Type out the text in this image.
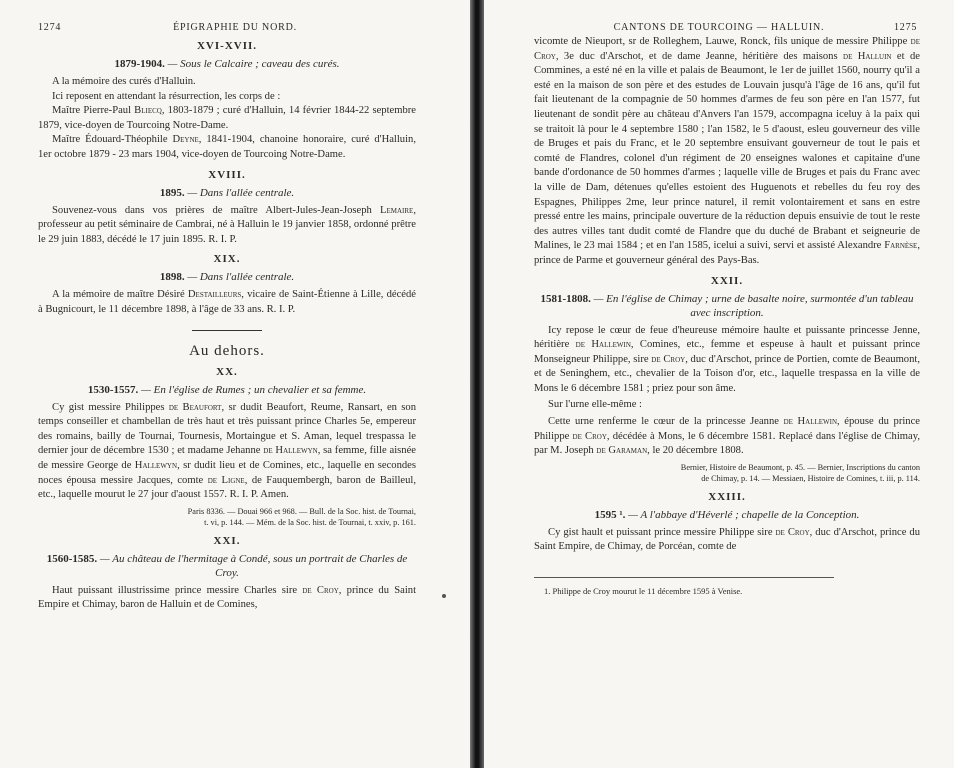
1274	ÉPIGRAPHIE DU NORD.
XVI-XVII.
1879-1904. — Sous le Calcaire ; caveau des curés.

A la mémoire des curés d'Halluin.

Ici reposent en attendant la résurrection, les corps de :

Maître Pierre-Paul Bliecq, 1803-1879 ; curé d'Halluin, 14 février 1844-22 septembre 1879, vice-doyen de Tourcoing Notre-Dame.

Maître Édouard-Théophile Deyne, 1841-1904, chanoine honoraire, curé d'Halluin, 1er octobre 1879 - 23 mars 1904, vice-doyen de Tourcoing Notre-Dame.

XVIII.
1895. — Dans l'allée centrale.

Souvenez-vous dans vos prières de maître Albert-Jules-Jean-Joseph Lemaire, professeur au petit séminaire de Cambrai, né à Halluin le 19 janvier 1858, ordonné prêtre le 29 juin 1883, décédé le 17 juin 1895. R. I. P.

XIX.
1898. — Dans l'allée centrale.

A la mémoire de maître Désiré Destailleurs, vicaire de Saint-Étienne à Lille, décédé à Bugnicourt, le 11 décembre 1898, à l'âge de 33 ans. R. I. P.

Au dehors.
XX.
1530-1557. — En l'église de Rumes ; un chevalier et sa femme.

Cy gist messire Philippes de Beaufort, sr dudit Beaufort, Reume, Ransart, en son temps conseiller et chambellan de très haut et très puissant prince Charles 5e, empereur des romains, bailly de Tournai, Tournesis, Mortaingue et S. Aman, lequel trespassa le dernier jour de décembre 1530 ; et madame Jehanne de Hallewyn, sa femme, fille aisnée de messire George de Hallewyn, sr dudit lieu et de Comines, etc., laquelle en secondes noces épousa messire Jacques, comte de Ligne, de Fauquembergh, baron de Bailleul, etc., laquelle mourut le 27 jour d'aoust 1557. R. I. P. Amen.

Paris 8336. — Douai 966 et 968. — Bull. de la Soc. hist. de Tournai,
t. vi, p. 144. — Mém. de la Soc. hist. de Tournai, t. xxiv, p. 161.
XXI.
1560-1585. — Au château de l'hermitage à Condé, sous un portrait de Charles de Croy.

Haut puissant illustrissime prince messire Charles sire de Croy, prince du Saint Empire et Chimay, baron de Halluin et de Comines,

CANTONS DE TOURCOING — HALLUIN.	1275

vicomte de Nieuport, sr de Rolleghem, Lauwe, Ronck, fils unique de messire Philippe de Croy, 3e duc d'Arschot, et de dame Jeanne, héritière des maisons de Halluin et de Commines, a esté né en la ville et palais de Beaumont, le 1er de juillet 1560, nourry qu'il a esté en la maison de son père et des estudes de Louvain jusqu'à l'âge de 16 ans, qu'il fut fait lieutenant de la compagnie de 50 hommes d'armes de feu son père en l'an 1577, fut lieutenant de sondit père au château d'Anvers l'an 1579, accompagna iceluy à la paix qui se traitoit là pour le 4 septembre 1580 ; l'an 1582, le 5 d'aoust, esleu gouverneur des ville de Bruges et pais du Franc, et le 20 septembre ensuivant gouverneur de tout le pais et comté de Flandres, colonel d'un régiment de 20 enseignes walones et capitaine d'une bande d'ordonance de 50 hommes d'armes ; laquelle ville de Bruges et pais du Franc avec la ville de Dam, détenues qu'elles estoient des Huguenots et rebelles du feu roy des Espagnes, Philippes 2me, leur prince naturel, il remit volontairement et sans en estre pressé entre les mains, principale ouverture de la réduction depuis ensuivie de tout le reste des autres villes tant dudit comté de Flandre que du duché de Brabant et seigneurie de Malines, le 23 mai 1584 ; et en l'an 1585, icelui a suivi, servi et assisté Alexandre Farnèse, prince de Parme et gouverneur général des Pays-Bas.

XXII.
1581-1808. — En l'église de Chimay ; urne de basalte noire, surmontée d'un tableau avec inscription.

Icy repose le cœur de feue d'heureuse mémoire haulte et puissante princesse Jenne, héritière de Hallewin, Comines, etc., femme et espeuse à hault et puissant prince Monseigneur Philippe, sire de Croy, duc d'Arschot, prince de Portien, comte de Beaumont, et de Seninghem, etc., chevalier de la Toison d'or, etc., laquelle trespassa en la ville de Mons le 6 décembre 1581 ; priez pour son âme.

Sur l'urne elle-même :

Cette urne renferme le cœur de la princesse Jeanne de Hallewin, épouse du prince Philippe de Croy, décédée à Mons, le 6 décembre 1581. Replacé dans l'église de Chimay, par M. Joseph de Garaman, le 20 décembre 1808.

Bernier, Histoire de Beaumont, p. 45. — Bernier, Inscriptions du canton
de Chimay, p. 14. — Messiaen, Histoire de Comines, t. iii, p. 114.
XXIII.
1595 ¹. — A l'abbaye d'Héverlé ; chapelle de la Conception.

Cy gist hault et puissant prince messire Philippe sire de Croy, duc d'Arschot, prince du Saint Empire, de Chimay, de Porcéan, comte de

1. Philippe de Croy mourut le 11 décembre 1595 à Venise.
